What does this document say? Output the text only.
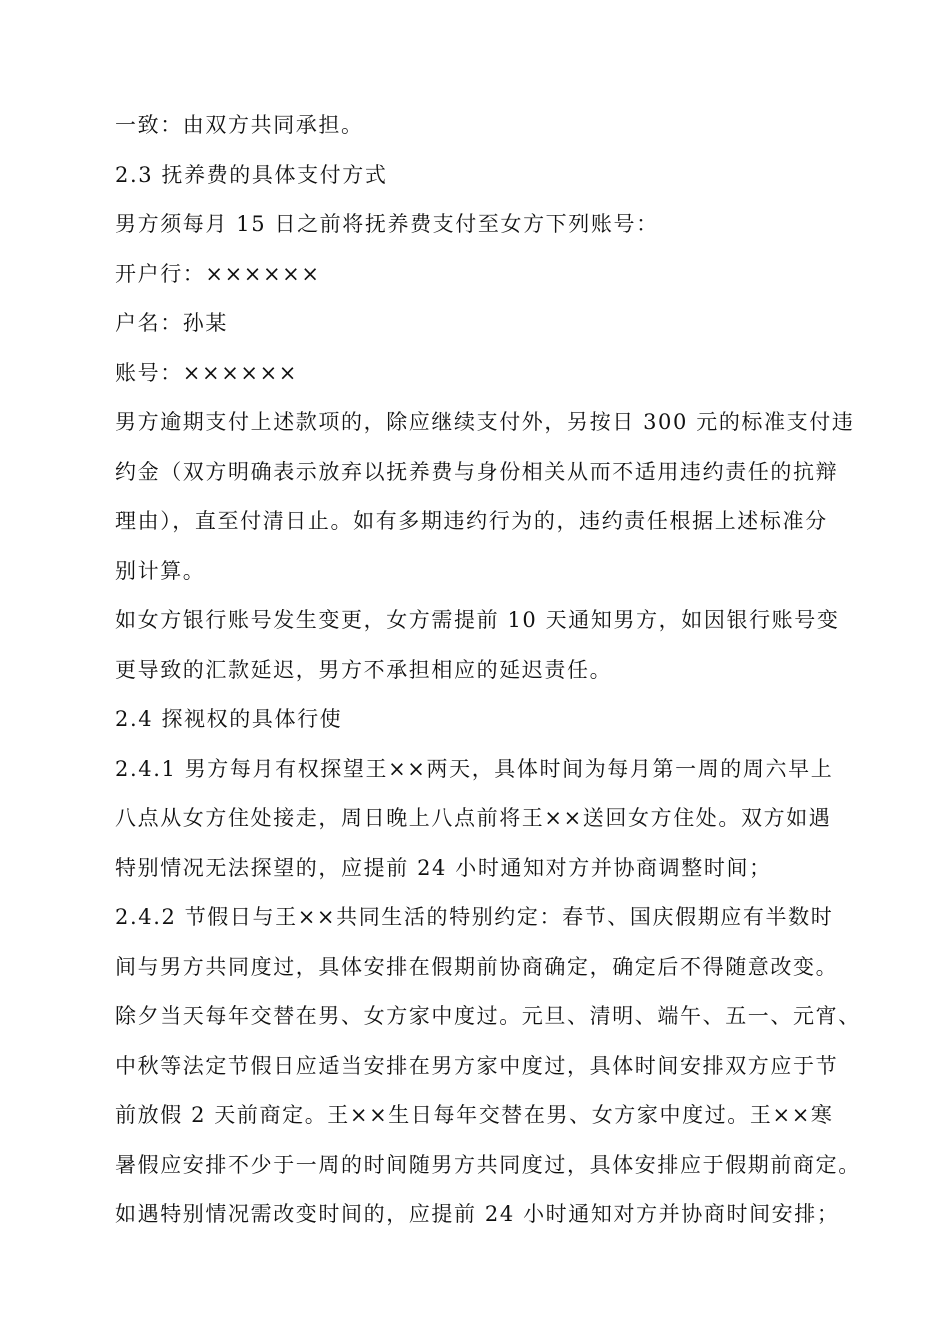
一致：由双方共同承担。
2.3 抚养费的具体支付方式
男方须每月 15 日之前将抚养费支付至女方下列账号：
开户行：××××××
户名：孙某
账号：××××××
男方逾期支付上述款项的，除应继续支付外，另按日 300 元的标准支付违
约金（双方明确表示放弃以抚养费与身份相关从而不适用违约责任的抗辩
理由），直至付清日止。如有多期违约行为的，违约责任根据上述标准分
别计算。
如女方银行账号发生变更，女方需提前 10 天通知男方，如因银行账号变
更导致的汇款延迟，男方不承担相应的延迟责任。
2.4 探视权的具体行使
2.4.1 男方每月有权探望王××两天，具体时间为每月第一周的周六早上
八点从女方住处接走，周日晚上八点前将王××送回女方住处。双方如遇
特别情况无法探望的，应提前 24 小时通知对方并协商调整时间；
2.4.2 节假日与王××共同生活的特别约定：春节、国庆假期应有半数时
间与男方共同度过，具体安排在假期前协商确定，确定后不得随意改变。
除夕当天每年交替在男、女方家中度过。元旦、清明、端午、五一、元宵、
中秋等法定节假日应适当安排在男方家中度过，具体时间安排双方应于节
前放假 2 天前商定。王××生日每年交替在男、女方家中度过。王××寒
暑假应安排不少于一周的时间随男方共同度过，具体安排应于假期前商定。
如遇特别情况需改变时间的，应提前 24 小时通知对方并协商时间安排；
